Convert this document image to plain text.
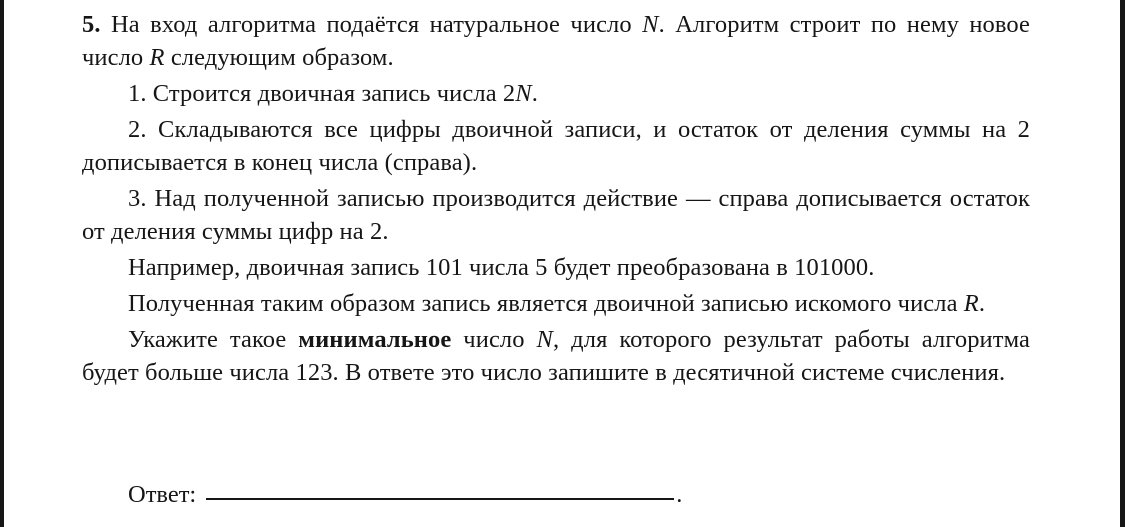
5. На вход алгоритма подаётся натуральное число N. Алгоритм строит по нему новое число R следующим образом.

1. Строится двоичная запись числа 2N.

2. Складываются все цифры двоичной записи, и остаток от деления суммы на 2 дописывается в конец числа (справа).

3. Над полученной записью производится действие — справа дописывается остаток от деления суммы цифр на 2.

Например, двоичная запись 101 числа 5 будет преобразована в 101000.

Полученная таким образом запись является двоичной записью искомого числа R.

Укажите такое минимальное число N, для которого результат работы алгоритма будет больше числа 123. В ответе это число запишите в десятичной системе счисления.

Ответ:	.
